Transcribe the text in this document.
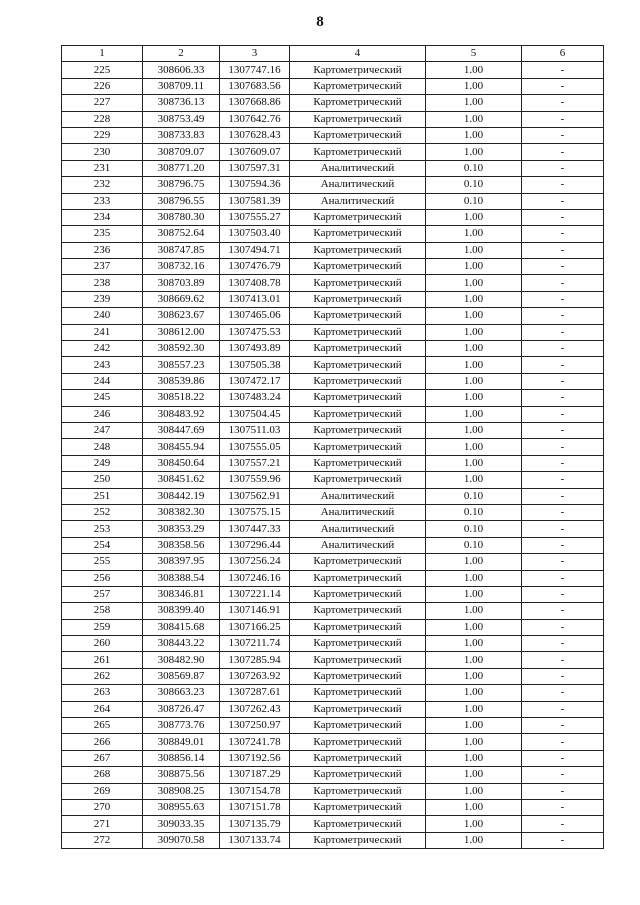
8
1	2	3	4	5	6
225	308606.33	1307747.16	Картометрический	1.00	-
226	308709.11	1307683.56	Картометрический	1.00	-
227	308736.13	1307668.86	Картометрический	1.00	-
228	308753.49	1307642.76	Картометрический	1.00	-
229	308733.83	1307628.43	Картометрический	1.00	-
230	308709.07	1307609.07	Картометрический	1.00	-
231	308771.20	1307597.31	Аналитический	0.10	-
232	308796.75	1307594.36	Аналитический	0.10	-
233	308796.55	1307581.39	Аналитический	0.10	-
234	308780.30	1307555.27	Картометрический	1.00	-
235	308752.64	1307503.40	Картометрический	1.00	-
236	308747.85	1307494.71	Картометрический	1.00	-
237	308732.16	1307476.79	Картометрический	1.00	-
238	308703.89	1307408.78	Картометрический	1.00	-
239	308669.62	1307413.01	Картометрический	1.00	-
240	308623.67	1307465.06	Картометрический	1.00	-
241	308612.00	1307475.53	Картометрический	1.00	-
242	308592.30	1307493.89	Картометрический	1.00	-
243	308557.23	1307505.38	Картометрический	1.00	-
244	308539.86	1307472.17	Картометрический	1.00	-
245	308518.22	1307483.24	Картометрический	1.00	-
246	308483.92	1307504.45	Картометрический	1.00	-
247	308447.69	1307511.03	Картометрический	1.00	-
248	308455.94	1307555.05	Картометрический	1.00	-
249	308450.64	1307557.21	Картометрический	1.00	-
250	308451.62	1307559.96	Картометрический	1.00	-
251	308442.19	1307562.91	Аналитический	0.10	-
252	308382.30	1307575.15	Аналитический	0.10	-
253	308353.29	1307447.33	Аналитический	0.10	-
254	308358.56	1307296.44	Аналитический	0.10	-
255	308397.95	1307256.24	Картометрический	1.00	-
256	308388.54	1307246.16	Картометрический	1.00	-
257	308346.81	1307221.14	Картометрический	1.00	-
258	308399.40	1307146.91	Картометрический	1.00	-
259	308415.68	1307166.25	Картометрический	1.00	-
260	308443.22	1307211.74	Картометрический	1.00	-
261	308482.90	1307285.94	Картометрический	1.00	-
262	308569.87	1307263.92	Картометрический	1.00	-
263	308663.23	1307287.61	Картометрический	1.00	-
264	308726.47	1307262.43	Картометрический	1.00	-
265	308773.76	1307250.97	Картометрический	1.00	-
266	308849.01	1307241.78	Картометрический	1.00	-
267	308856.14	1307192.56	Картометрический	1.00	-
268	308875.56	1307187.29	Картометрический	1.00	-
269	308908.25	1307154.78	Картометрический	1.00	-
270	308955.63	1307151.78	Картометрический	1.00	-
271	309033.35	1307135.79	Картометрический	1.00	-
272	309070.58	1307133.74	Картометрический	1.00	-
